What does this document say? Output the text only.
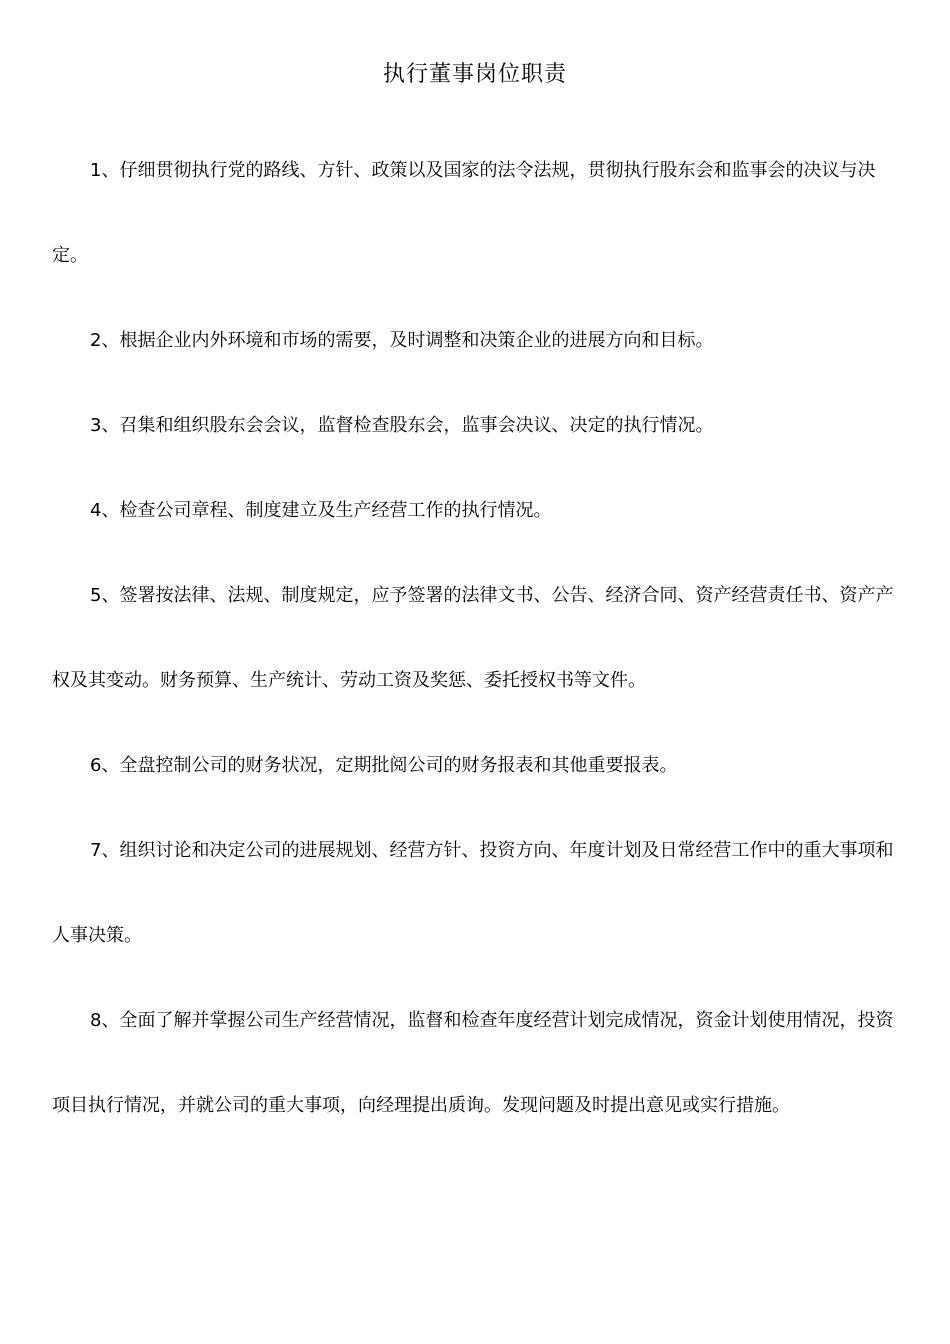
执行董事岗位职责

1、仔细贯彻执行党的路线、方针、政策以及国家的法令法规，贯彻执行股东会和监事会的决议与决定。

2、根据企业内外环境和市场的需要，及时调整和决策企业的进展方向和目标。

3、召集和组织股东会会议，监督检查股东会，监事会决议、决定的执行情况。

4、检查公司章程、制度建立及生产经营工作的执行情况。

5、签署按法律、法规、制度规定，应予签署的法律文书、公告、经济合同、资产经营责任书、资产产权及其变动。财务预算、生产统计、劳动工资及奖惩、委托授权书等文件。

6、全盘控制公司的财务状况，定期批阅公司的财务报表和其他重要报表。

7、组织讨论和决定公司的进展规划、经营方针、投资方向、年度计划及日常经营工作中的重大事项和人事决策。

8、全面了解并掌握公司生产经营情况，监督和检查年度经营计划完成情况，资金计划使用情况，投资项目执行情况，并就公司的重大事项，向经理提出质询。发现问题及时提出意见或实行措施。
